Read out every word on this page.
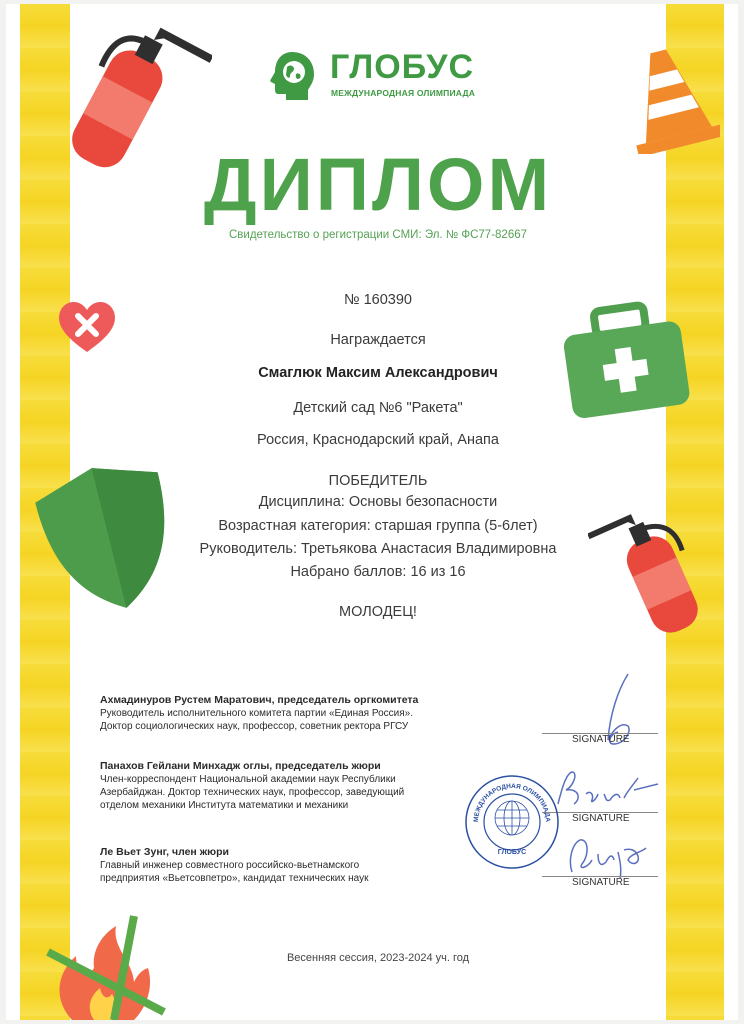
ГЛОБУС
МЕЖДУНАРОДНАЯ ОЛИМПИАДА
ДИПЛОМ
Свидетельство о регистрации СМИ: Эл. № ФС77-82667
№ 160390
Награждается
Смаглюк Максим Александрович
Детский сад №6 "Ракета"
Россия, Краснодарский край, Анапа
ПОБЕДИТЕЛЬ
Дисциплина: Основы безопасности
Возрастная категория: старшая группа (5-6лет)
Руководитель: Третьякова Анастасия Владимировна
Набрано баллов: 16 из 16
МОЛОДЕЦ!
Ахмадинуров Рустем Маратович, председатель оргкомитета
Руководитель исполнительного комитета партии «Единая Россия».
Доктор социологических наук, профессор, советник ректора РГСУ
SIGNATURE
Панахов Гейлани Минхадж оглы, председатель жюри
Член-корреспондент Национальной академии наук Республики
Азербайджан. Доктор технических наук, профессор, заведующий
отделом механики Института математики и механики
SIGNATURE
Ле Вьет Зунг, член жюри
Главный инженер совместного российско-вьетнамского
предприятия «Вьетсовпетро», кандидат технических наук	SIGNATURE
МЕЖДУНАРОДНАЯ ОЛИМПИАДА
ГЛОБУС
Весенняя сессия, 2023-2024 уч. год
